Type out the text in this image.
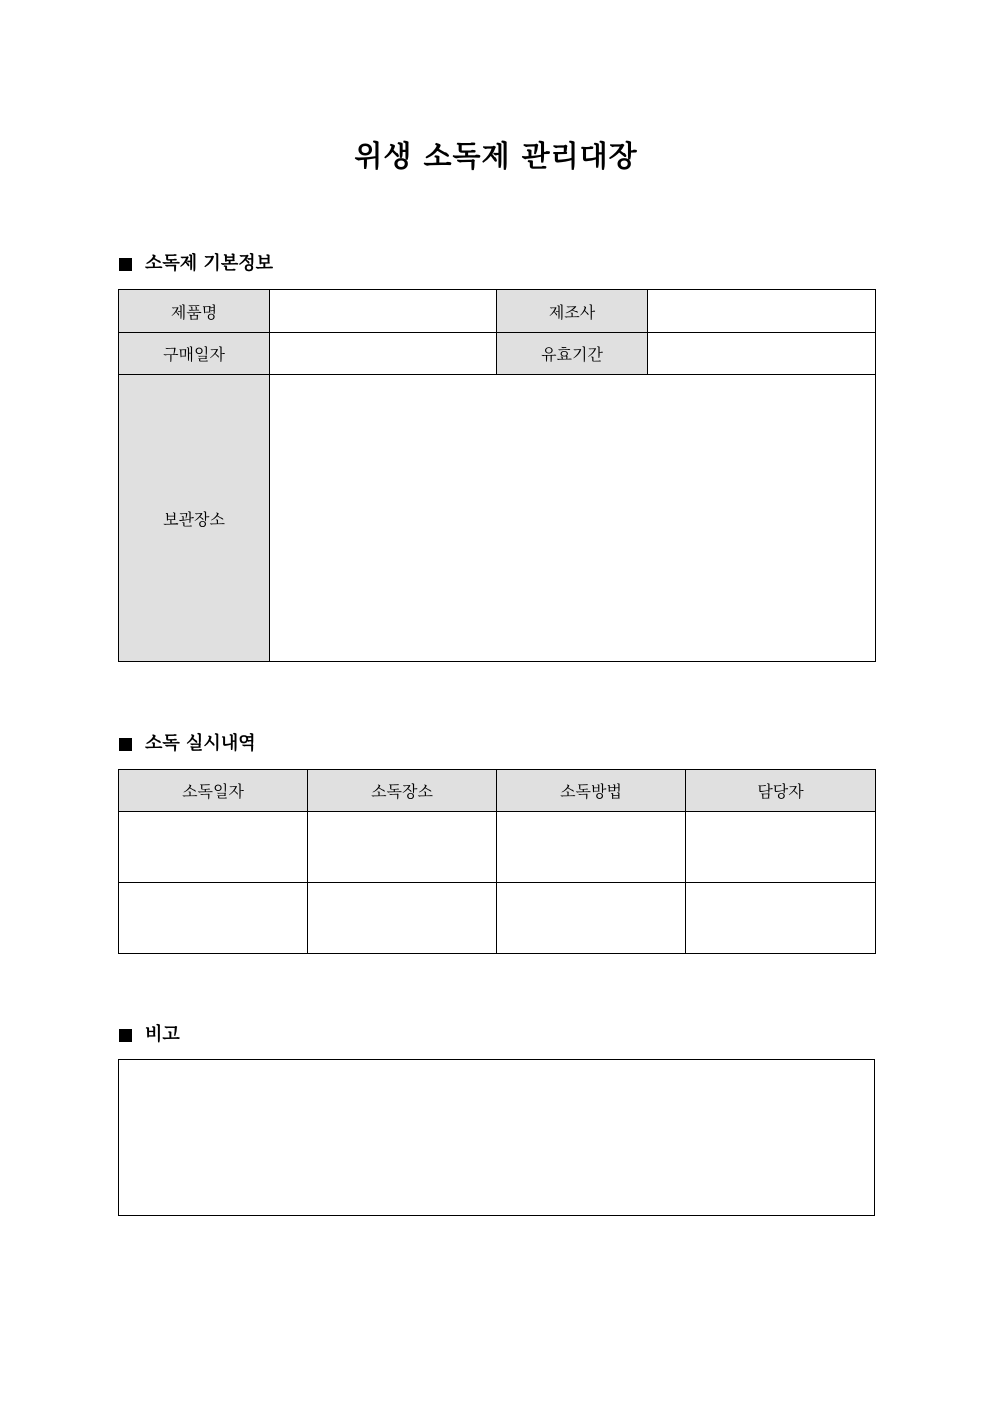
위생 소독제 관리대장
소독제 기본정보
제품명		제조사	
구매일자		유효기간	
보관장소			
소독 실시내역
소독일자	소독장소	소독방법	담당자

비고
